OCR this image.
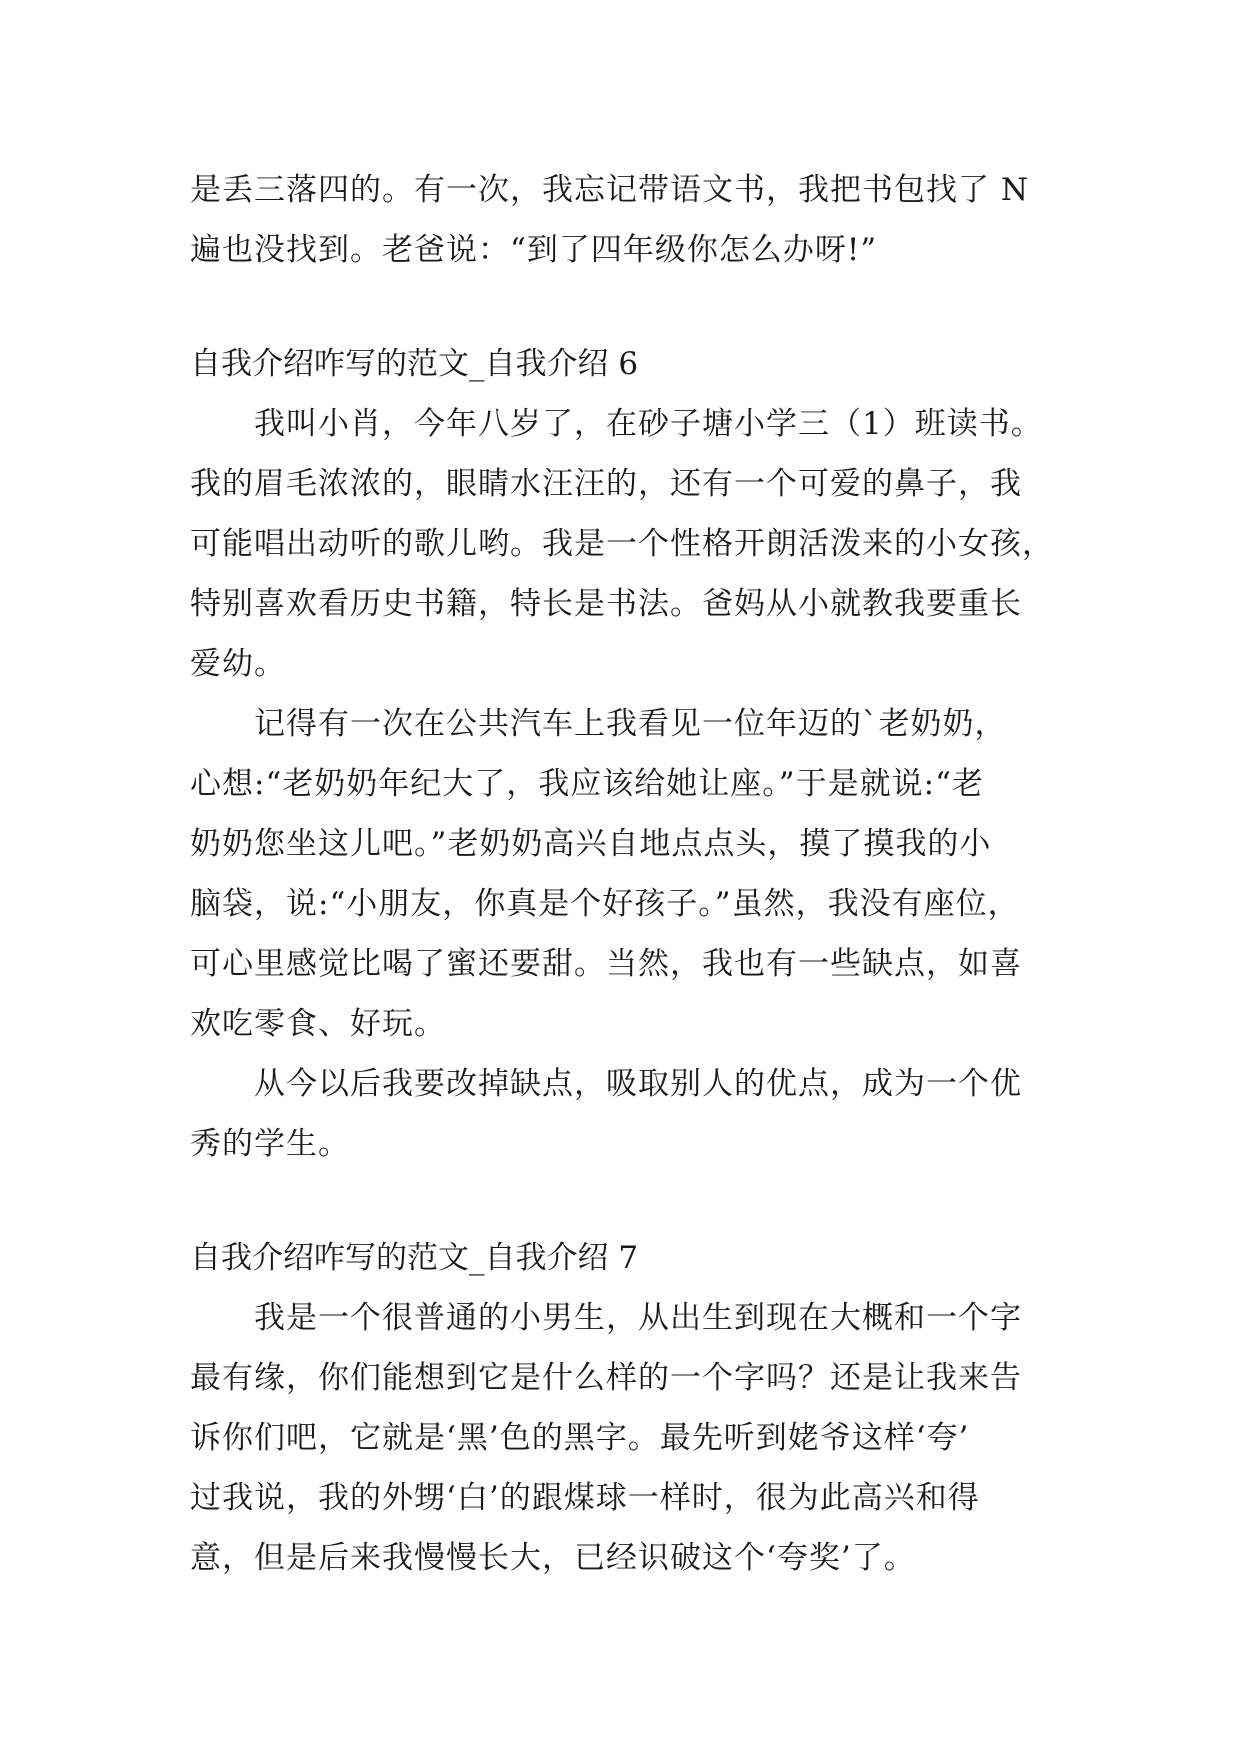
是丢三落四的。有一次，我忘记带语文书，我把书包找了 N
遍也没找到。老爸说：“到了四年级你怎么办呀!”
自我介绍咋写的范文_自我介绍 6
我叫小肖，今年八岁了，在砂子塘小学三（1）班读书。
我的眉毛浓浓的，眼睛水汪汪的，还有一个可爱的鼻子，我
可能唱出动听的歌儿哟。我是一个性格开朗活泼来的小女孩，
特别喜欢看历史书籍，特长是书法。爸妈从小就教我要重长
爱幼。
记得有一次在公共汽车上我看见一位年迈的`老奶奶，
心想:“老奶奶年纪大了，我应该给她让座。”于是就说:“老
奶奶您坐这儿吧。”老奶奶高兴自地点点头，摸了摸我的小
脑袋，说:“小朋友，你真是个好孩子。”虽然，我没有座位，
可心里感觉比喝了蜜还要甜。当然，我也有一些缺点，如喜
欢吃零食、好玩。
从今以后我要改掉缺点，吸取别人的优点，成为一个优
秀的学生。
自我介绍咋写的范文_自我介绍 7
我是一个很普通的小男生，从出生到现在大概和一个字
最有缘，你们能想到它是什么样的一个字吗？还是让我来告
诉你们吧，它就是‘黑’色的黑字。最先听到姥爷这样‘夸’
过我说，我的外甥‘白’的跟煤球一样时，很为此高兴和得
意，但是后来我慢慢长大，已经识破这个‘夸奖’了。
